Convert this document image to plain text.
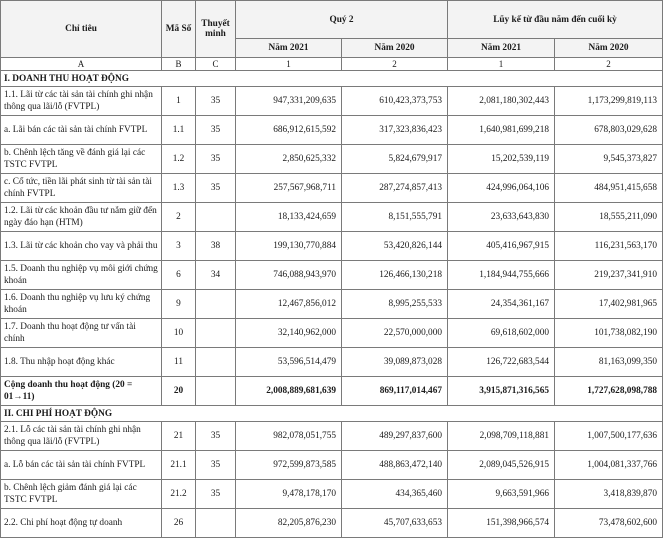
Chỉ tiêu	Mã Số	Thuyết minh	Quý 2		Lũy kế từ đầu năm đến cuối kỳ	
			Năm 2021	Năm 2020	Năm 2021	Năm 2020
A	B	C	1	2	1	2
I. DOANH THU HOẠT ĐỘNG						
1.1. Lãi từ các tài sản tài chính ghi nhận thông qua lãi/lỗ (FVTPL)	1	35	947,331,209,635	610,423,373,753	2,081,180,302,443	1,173,299,819,113
a. Lãi bán các tài sản tài chính FVTPL	1.1	35	686,912,615,592	317,323,836,423	1,640,981,699,218	678,803,029,628
b. Chênh lệch tăng về đánh giá lại các TSTC FVTPL	1.2	35	2,850,625,332	5,824,679,917	15,202,539,119	9,545,373,827
c. Cổ tức, tiền lãi phát sinh từ tài sản tài chính FVTPL	1.3	35	257,567,968,711	287,274,857,413	424,996,064,106	484,951,415,658
1.2. Lãi từ các khoản đầu tư nắm giữ đến ngày đáo hạn (HTM)	2		18,133,424,659	8,151,555,791	23,633,643,830	18,555,211,090
1.3. Lãi từ các khoản cho vay và phải thu	3	38	199,130,770,884	53,420,826,144	405,416,967,915	116,231,563,170
1.5. Doanh thu nghiệp vụ môi giới chứng khoán	6	34	746,088,943,970	126,466,130,218	1,184,944,755,666	219,237,341,910
1.6. Doanh thu nghiệp vụ lưu ký chứng khoán	9		12,467,856,012	8,995,255,533	24,354,361,167	17,402,981,965
1.7. Doanh thu hoạt động tư vấn tài chính	10		32,140,962,000	22,570,000,000	69,618,602,000	101,738,082,190
1.8. Thu nhập hoạt động khác	11		53,596,514,479	39,089,873,028	126,722,683,544	81,163,099,350
Cộng doanh thu hoạt động (20 = 01→11)	20		2,008,889,681,639	869,117,014,467	3,915,871,316,565	1,727,628,098,788
II. CHI PHÍ HOẠT ĐỘNG						
2.1. Lỗ các tài sản tài chính ghi nhận thông qua lãi/lỗ (FVTPL)	21	35	982,078,051,755	489,297,837,600	2,098,709,118,881	1,007,500,177,636
a. Lỗ bán các tài sản tài chính FVTPL	21.1	35	972,599,873,585	488,863,472,140	2,089,045,526,915	1,004,081,337,766
b. Chênh lệch giảm đánh giá lại các TSTC FVTPL	21.2	35	9,478,178,170	434,365,460	9,663,591,966	3,418,839,870
2.2. Chi phí hoạt động tự doanh	26		82,205,876,230	45,707,633,653	151,398,966,574	73,478,602,600
